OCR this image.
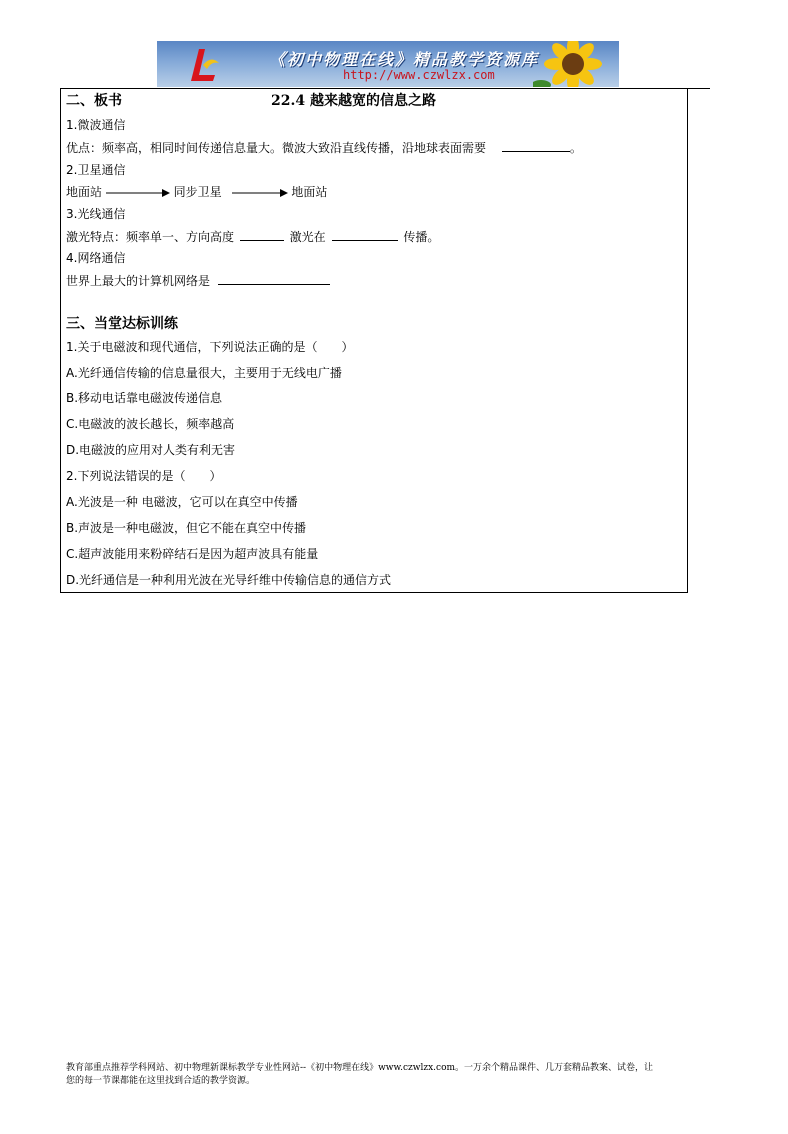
《初中物理在线》精品教学资源库
http://www.czwlzx.com
二、板书	22.4 越来越宽的信息之路
1.微波通信
优点：频率高，相同时间传递信息量大。微波大致沿直线传播，沿地球表面需要	。
2.卫星通信
地面站	同步卫星	地面站
3.光线通信
激光特点：频率单一、方向高度	激光在	传播。
4.网络通信
世界上最大的计算机网络是
三、当堂达标训练
1.关于电磁波和现代通信，下列说法正确的是（　　）
A.光纤通信传输的信息量很大，主要用于无线电广播
B.移动电话靠电磁波传递信息
C.电磁波的波长越长，频率越高
D.电磁波的应用对人类有利无害
2.下列说法错误的是（　　）
A.光波是一种 电磁波，它可以在真空中传播
B.声波是一种电磁波，但它不能在真空中传播
C.超声波能用来粉碎结石是因为超声波具有能量
D.光纤通信是一种利用光波在光导纤维中传输信息的通信方式
教育部重点推荐学科网站、初中物理新课标教学专业性网站--《初中物理在线》www.czwlzx.com。一万余个精品课件、几万套精品教案、试卷，让
您的每一节课都能在这里找到合适的教学资源。
